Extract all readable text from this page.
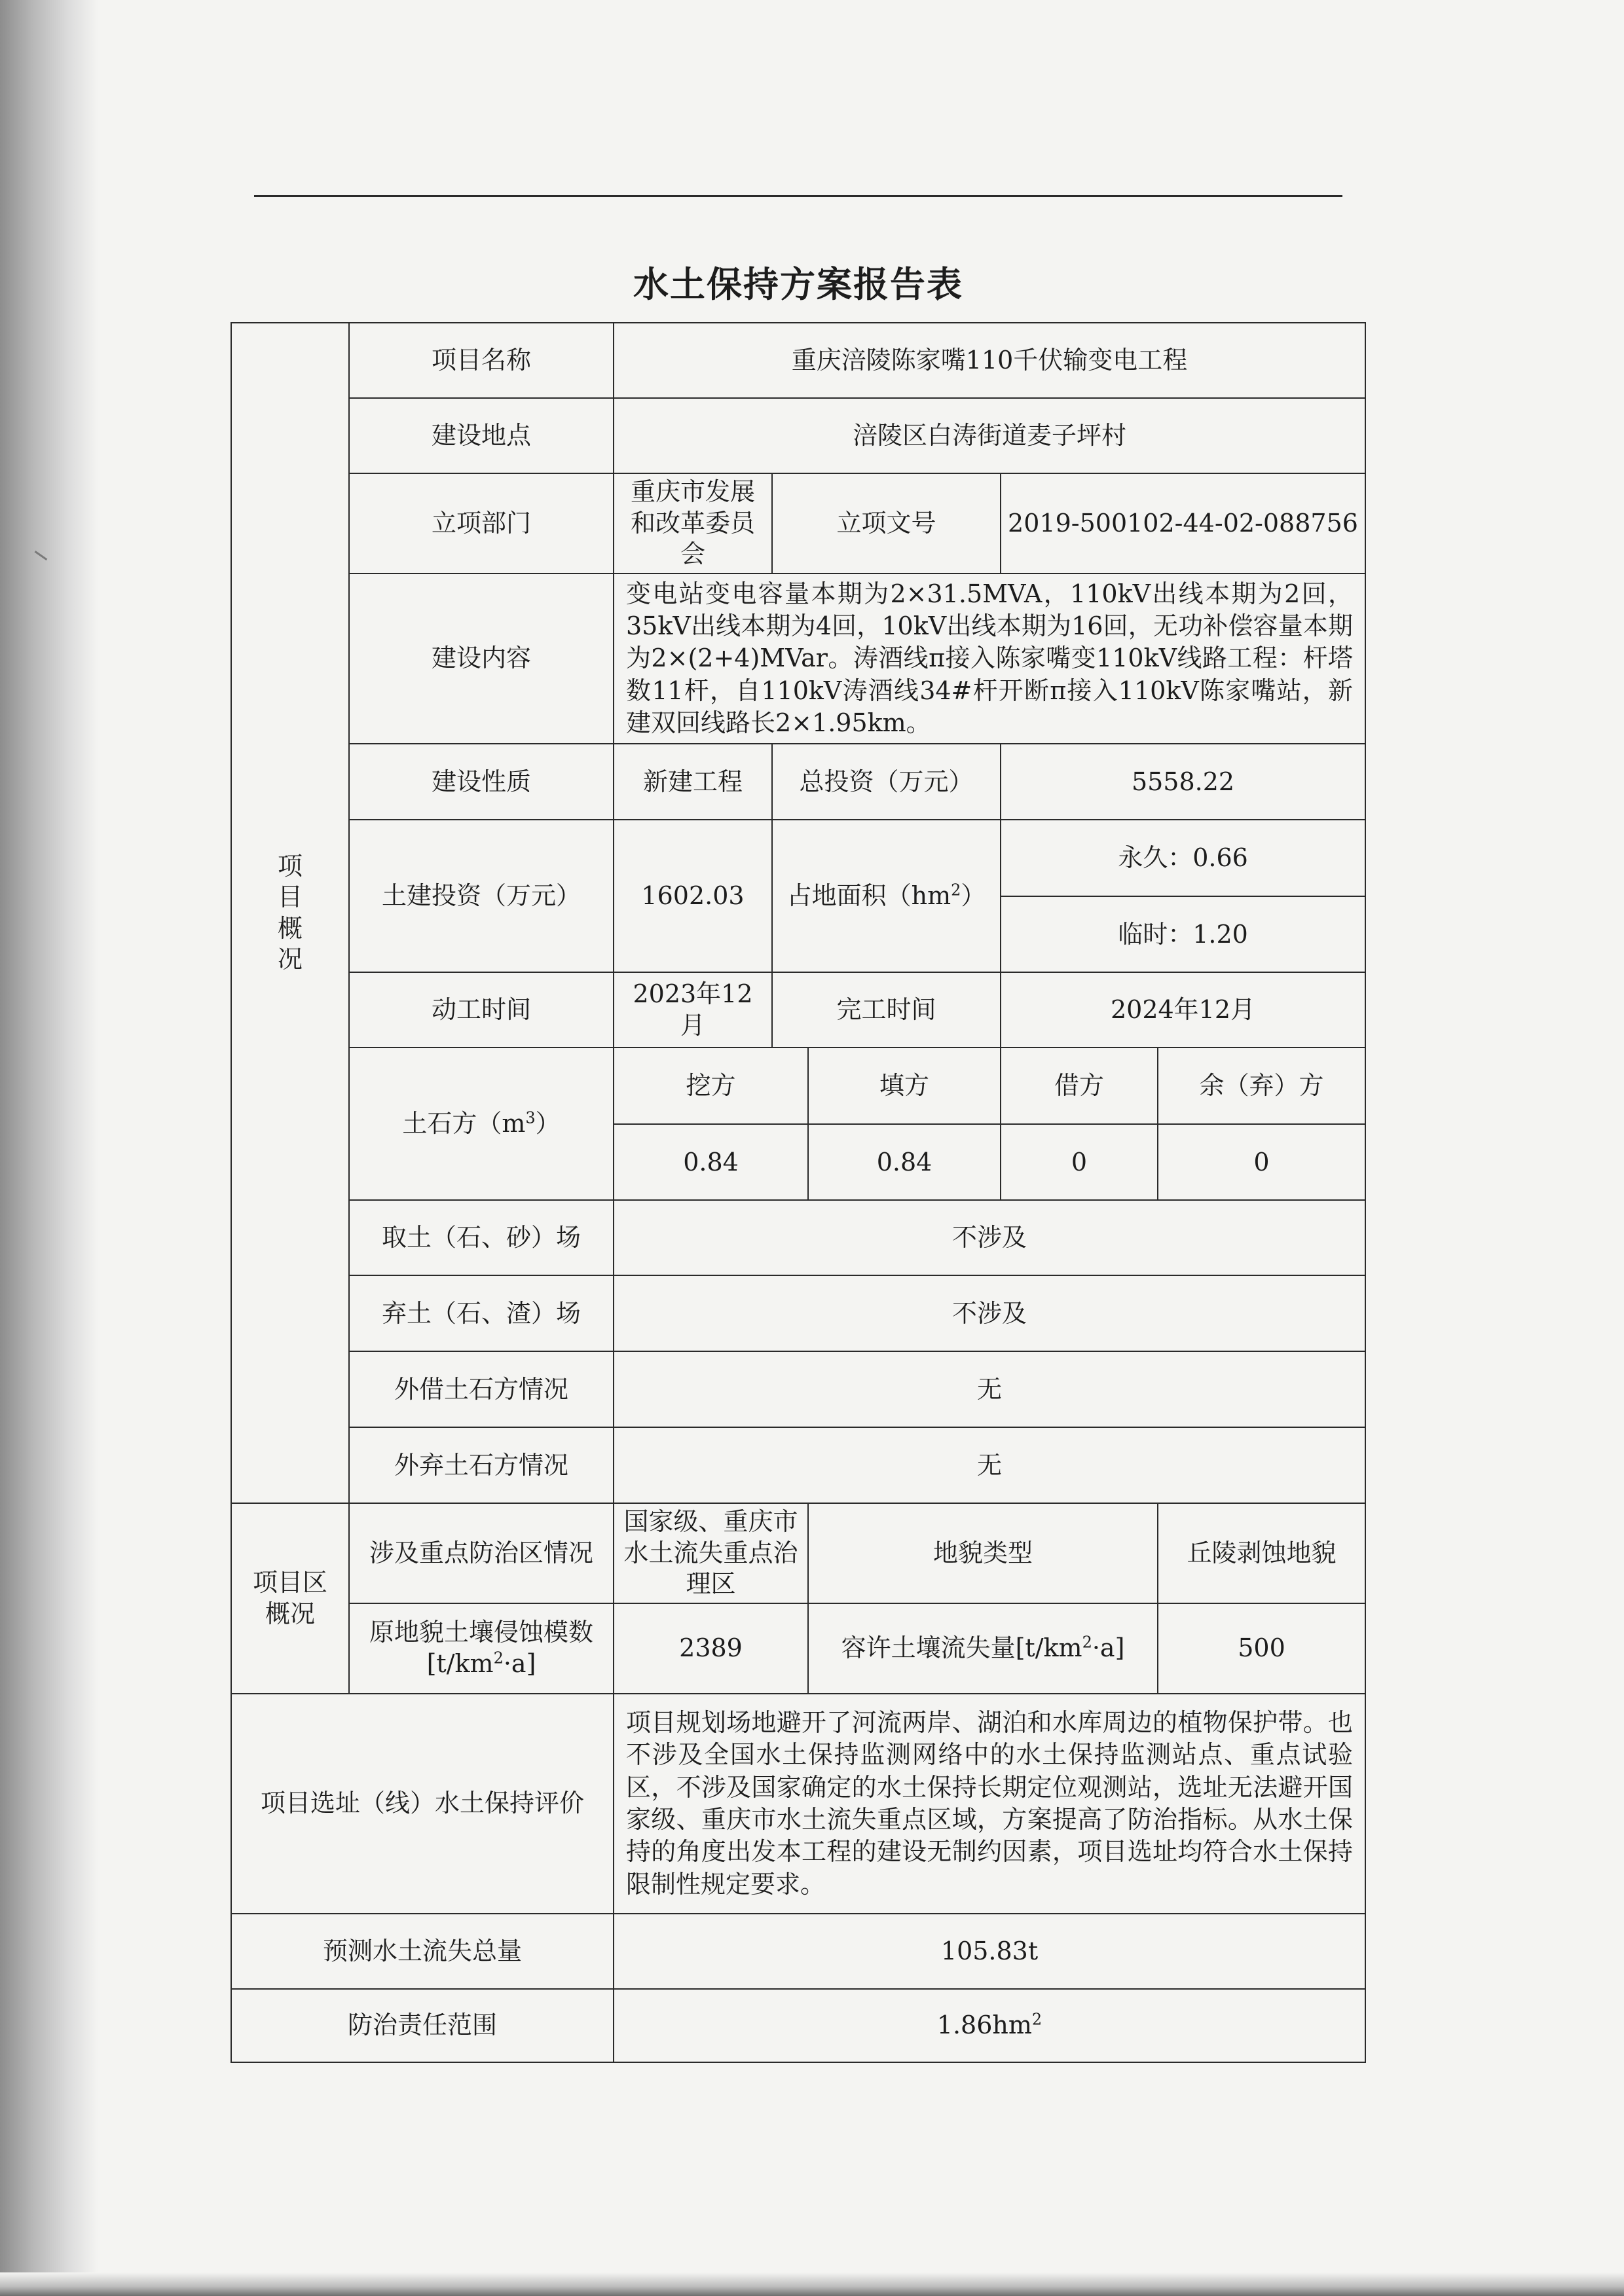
水土保持方案报告表
项
目
概
况	项目名称	重庆涪陵陈家嘴110千伏输变电工程				
	建设地点	涪陵区白涛街道麦子坪村				
	立项部门	重庆市发展和改革委员会	立项文号		2019-500102-44-02-088756	
	建设内容	变电站变电容量本期为2×31.5MVA，110kV出线本期为2回，35kV出线本期为4回，10kV出线本期为16回，无功补偿容量本期为2×(2+4)MVar。涛酒线π接入陈家嘴变110kV线路工程：杆塔数11杆，自110kV涛酒线34#杆开断π接入110kV陈家嘴站，新建双回线路长2×1.95km。				
	建设性质	新建工程	总投资（万元）		5558.22	
	土建投资（万元）	1602.03	占地面积$(hm^2)$		永久：0.66	
					临时：1.20	
	动工时间	2023年12月	完工时间		2024年12月	
	土石方$(m^3)$	挖方		填方	借方	余（弃）方
		0.84		0.84	0	0
	取土（石、砂）场	不涉及				
	弃土（石、渣）场	不涉及				
	外借土石方情况	无				
	外弃土石方情况	无				

项目区
概况	涉及重点防治区情况	国家级、重庆市水土流失重点治理区		地貌类型		丘陵剥蚀地貌
	原地貌土壤侵蚀模数$[t/km^2\cdot a]$	2389		容许土壤流失量$[t/km^2\cdot a]$		500
项目选址（线）水土保持评价		项目规划场地避开了河流两岸、湖泊和水库周边的植物保护带。也不涉及全国水土保持监测网络中的水土保持监测站点、重点试验区，不涉及国家确定的水土保持长期定位观测站，选址无法避开国家级、重庆市水土流失重点区域，方案提高了防治指标。从水土保持的角度出发本工程的建设无制约因素，项目选址均符合水土保持限制性规定要求。				
预测水土流失总量		105.83t				
防治责任范围		$1.86hm^2$
